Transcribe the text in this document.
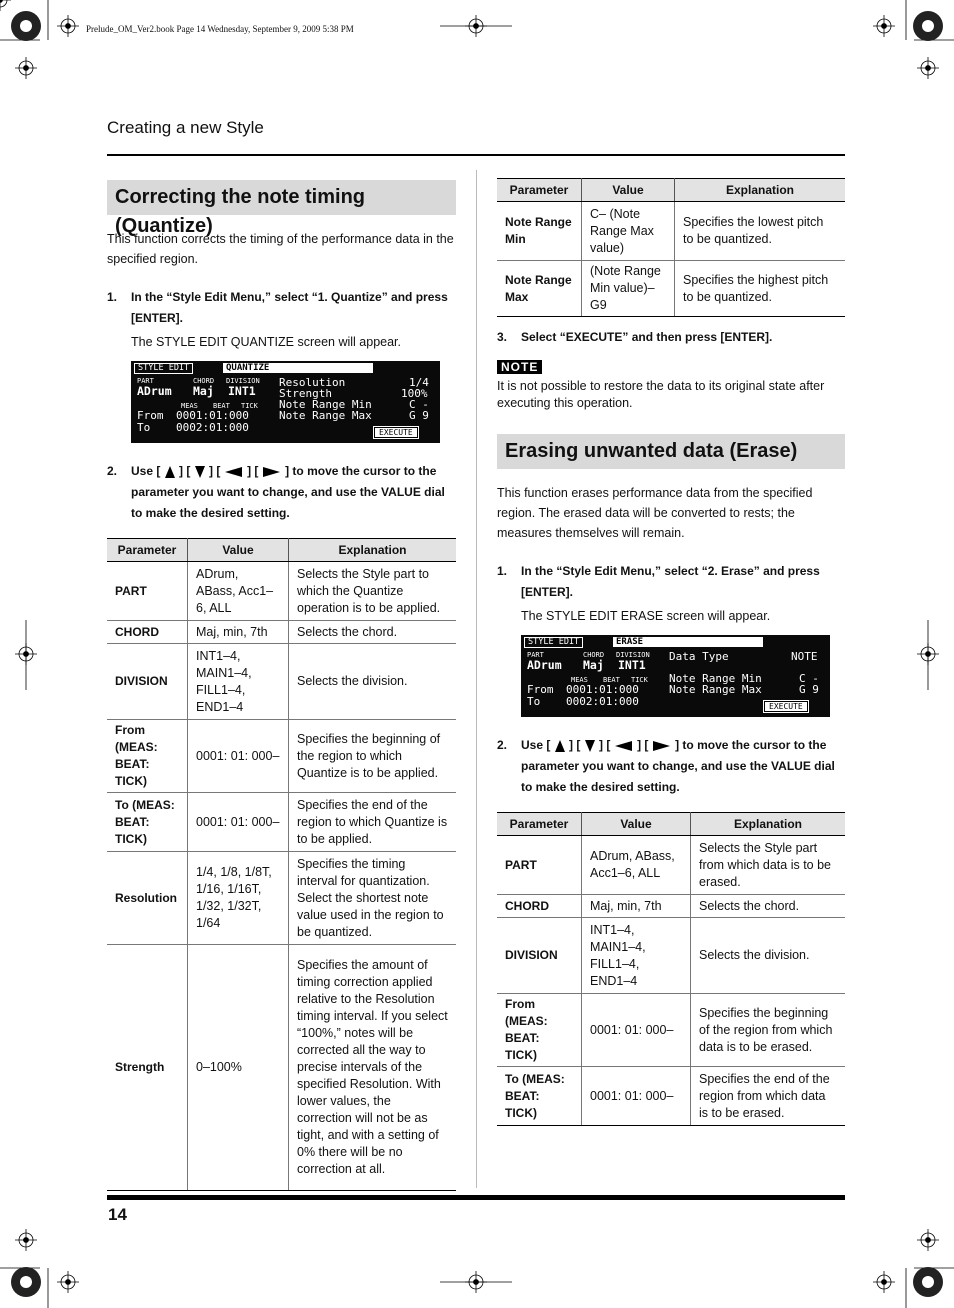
Prelude_OM_Ver2.book Page 14 Wednesday, September 9, 2009 5:38 PM
Creating a new Style
Correcting the note timing (Quantize)

This function corrects the timing of the performance data in the specified region.

1.	In the “Style Edit Menu,” select “1. Quantize” and press [ENTER].
The STYLE EDIT QUANTIZE screen will appear.
STYLE EDIT	QUANTIZE
PART	CHORD DIVISION
ADrum Maj INT1
MEAS BEAT TICK
From 0001:01:000
To 0002:01:000
Resolution	1/4
Strength	100%
Note Range Min	C -
Note Range Max	G 9
EXECUTE
2.	Use [ ] [ ] [ ] [ ] to move the cursor to the parameter you want to change, and use the VALUE dial to make the desired setting.
Parameter	Value	Explanation
PART	ADrum, ABass, Acc1–6, ALL	Selects the Style part to which the Quantize operation is to be applied.
CHORD	Maj, min, 7th	Selects the chord.
DIVISION	INT1–4, MAIN1–4, FILL1–4, END1–4	Selects the division.
From (MEAS: BEAT: TICK)	0001: 01: 000–	Specifies the beginning of the region to which Quantize is to be applied.
To (MEAS: BEAT: TICK)	0001: 01: 000–	Specifies the end of the region to which Quantize is to be applied.
Resolution	1/4, 1/8, 1/8T, 1/16, 1/16T, 1/32, 1/32T, 1/64	Specifies the timing interval for quantization. Select the shortest note value used in the region to be quantized.
Strength	0–100%	Specifies the amount of timing correction applied relative to the Resolution timing interval. If you select “100%,” notes will be corrected all the way to precise intervals of the specified Resolution. With lower values, the correction will not be as tight, and with a setting of 0% there will be no correction at all.
Parameter	Value	Explanation
Note Range Min	C– (Note Range Max value)	Specifies the lowest pitch to be quantized.
Note Range Max	(Note Range Min value)–G9	Specifies the highest pitch to be quantized.
3.	Select “EXECUTE” and then press [ENTER].
NOTE

It is not possible to restore the data to its original state after executing this operation.

Erasing unwanted data (Erase)

This function erases performance data from the specified region. The erased data will be converted to rests; the measures themselves will remain.

1.	In the “Style Edit Menu,” select “2. Erase” and press [ENTER].
The STYLE EDIT ERASE screen will appear.
STYLE EDIT	ERASE
PART	CHORD DIVISION
ADrum Maj INT1
MEAS BEAT TICK
From 0001:01:000
To 0002:01:000
Data Type	NOTE
Note Range Min	C -
Note Range Max	G 9
EXECUTE
2.	Use [ ] [ ] [ ] [ ] to move the cursor to the parameter you want to change, and use the VALUE dial to make the desired setting.
Parameter	Value	Explanation
PART	ADrum, ABass, Acc1–6, ALL	Selects the Style part from which data is to be erased.
CHORD	Maj, min, 7th	Selects the chord.
DIVISION	INT1–4, MAIN1–4, FILL1–4, END1–4	Selects the division.
From (MEAS: BEAT: TICK)	0001: 01: 000–	Specifies the beginning of the region from which data is to be erased.
To (MEAS: BEAT: TICK)	0001: 01: 000–	Specifies the end of the region from which data is to be erased.
14
